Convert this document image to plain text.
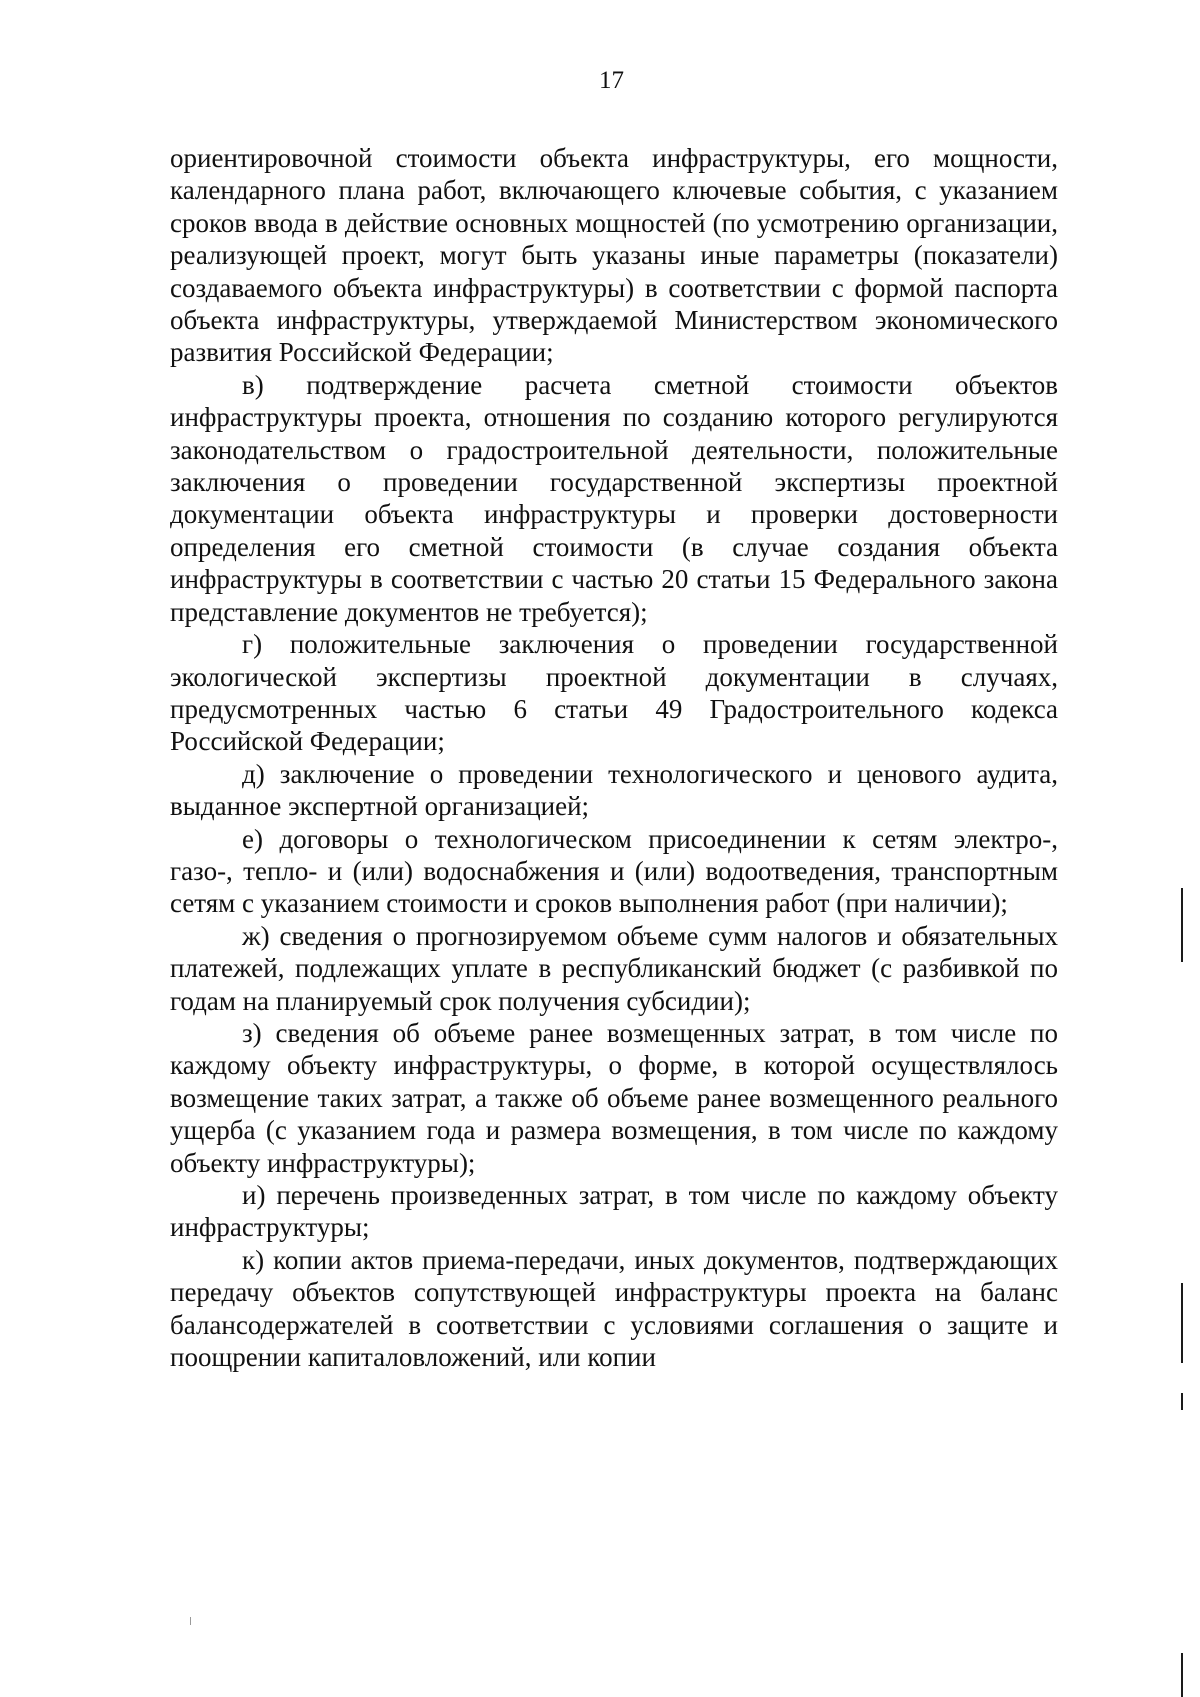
17

ориентировочной стоимости объекта инфраструктуры, его мощности, календарного плана работ, включающего ключевые события, с указанием сроков ввода в действие основных мощностей (по усмотрению организации, реализующей проект, могут быть указаны иные параметры (показатели) создаваемого объекта инфраструктуры) в соответствии с формой паспорта объекта инфраструктуры, утверждаемой Министерством экономического развития Российской Федерации;

в) подтверждение расчета сметной стоимости объектов инфраструктуры проекта, отношения по созданию которого регулируются законодательством о градостроительной деятельности, положительные заключения о проведении государственной экспертизы проектной документации объекта инфраструктуры и проверки достоверности определения его сметной стоимости (в случае создания объекта инфраструктуры в соответствии с частью 20 статьи 15 Федерального закона представление документов не требуется);

г) положительные заключения о проведении государственной экологической экспертизы проектной документации в случаях, предусмотренных частью 6 статьи 49 Градостроительного кодекса Российской Федерации;

д) заключение о проведении технологического и ценового аудита, выданное экспертной организацией;

е) договоры о технологическом присоединении к сетям электро-, газо-, тепло- и (или) водоснабжения и (или) водоотведения, транспортным сетям с указанием стоимости и сроков выполнения работ (при наличии);

ж) сведения о прогнозируемом объеме сумм налогов и обязательных платежей, подлежащих уплате в республиканский бюджет (с разбивкой по годам на планируемый срок получения субсидии);

з) сведения об объеме ранее возмещенных затрат, в том числе по каждому объекту инфраструктуры, о форме, в которой осуществлялось возмещение таких затрат, а также об объеме ранее возмещенного реального ущерба (с указанием года и размера возмещения, в том числе по каждому объекту инфраструктуры);

и) перечень произведенных затрат, в том числе по каждому объекту инфраструктуры;

к) копии актов приема-передачи, иных документов, подтверждающих передачу объектов сопутствующей инфраструктуры проекта на баланс балансодержателей в соответствии с условиями соглашения о защите и поощрении капиталовложений, или копии
